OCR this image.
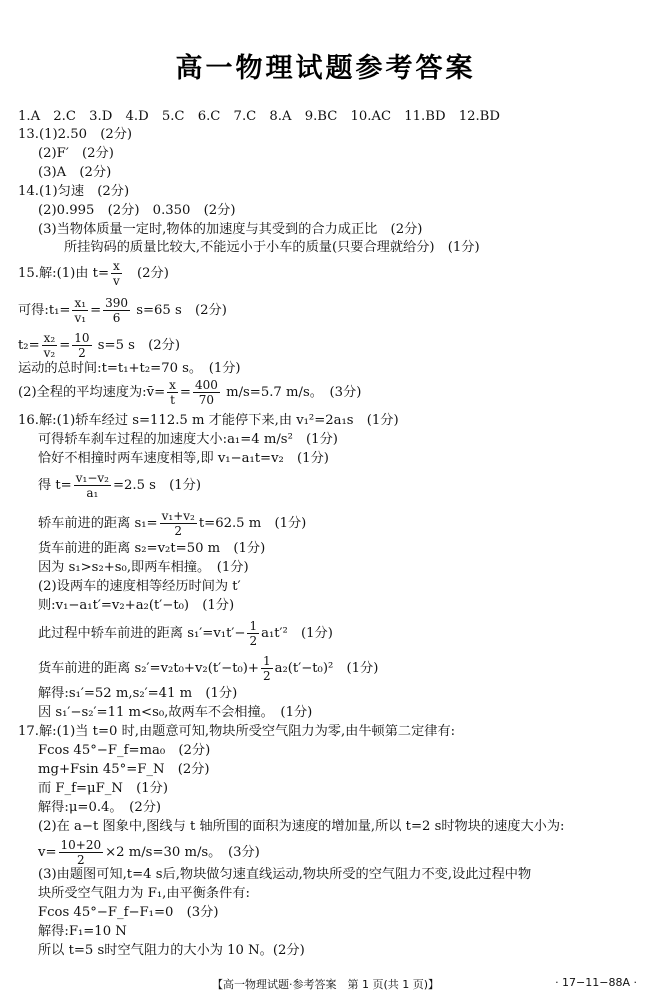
高一物理试题参考答案
1.A　2.C　3.D　4.D　5.C　6.C　7.C　8.A　9.BC　10.AC　11.BD　12.BD
13.(1)2.50　(2分)
(2)F′　(2分)
(3)A　(2分)
14.(1)匀速　(2分)
(2)0.995　(2分)　0.350　(2分)
(3)当物体质量一定时,物体的加速度与其受到的合力成正比　(2分)
所挂钩码的质量比较大,不能远小于小车的质量(只要合理就给分)　(1分)
15.解:(1)由 $t= \frac{x}{v}$ 　(2分)
可得:t₁= $\frac{\text{x₁}}{\text{v₁}} = \frac{390}{6} s=65$ s　(2分)
$t_2= \frac{\text{x₂}}{\text{v₂}} = \frac{10}{2} s=5$ s　(2分)
运动的总时间:t=t₁+t₂=70 s。　(1分)
(2)全程的平均速度为:v̄= $\frac{x}{t} = \frac{400}{70} m/s=5.7$ m/s。　(3分)
16.解:(1)轿车经过 s=112.5 m 才能停下来,由 v₁²=2a₁s　(1分)
可得轿车刹车过程的加速度大小:a₁=4 m/s²　(1分)
恰好不相撞时两车速度相等,即 v₁−a₁t=v₂　(1分)
得 $t= \frac{\text{v₁−v₂}}{\text{a₁}} =2.5$ s　(1分)
轿车前进的距离 $s_1= \frac{\text{v₁+v₂}}{2} t=62.5$ m　(1分)
货车前进的距离 s₂=v₂t=50 m　(1分)
因为 s₁>s₂+s₀,即两车相撞。　(1分)
(2)设两车的速度相等经历时间为 t′
则:v₁−a₁t′=v₂+a₂(t′−t₀)　(1分)
此过程中轿车前进的距离 $s_1'=v_1t'- \frac{1}{2} a_1t'^2$　(1分)
货车前进的距离 $s_2'=v_2t_0+v_2(t'-t_0)+ \frac{1}{2} a_2(t'-t_0)^2$　(1分)
解得:s₁′=52 m,s₂′=41 m　(1分)
因 s₁′−s₂′=11 m<s₀,故两车不会相撞。　(1分)
17.解:(1)当 t=0 时,由题意可知,物块所受空气阻力为零,由牛顿第二定律有:
Fcos 45°−F_f=ma₀　(2分)
mg+Fsin 45°=F_N　(2分)
而 F_f=μF_N　(1分)
解得:μ=0.4。　(2分)
(2)在 a−t 图象中,图线与 t 轴所围的面积为速度的增加量,所以 t=2 s时物块的速度大小为:
$v= \frac{10+20}{2} \times 2$ m/s=30 m/s。　(3分)
(3)由题图可知,t=4 s后,物块做匀速直线运动,物块所受的空气阻力不变,设此过程中物
块所受空气阻力为 F₁,由平衡条件有:
Fcos 45°−F_f−F₁=0　(3分)
解得:F₁=10 N
所以 t=5 s时空气阻力的大小为 10 N。(2分)
【高一物理试题·参考答案　第 1 页(共 1 页)】	· 17−11−88A ·
